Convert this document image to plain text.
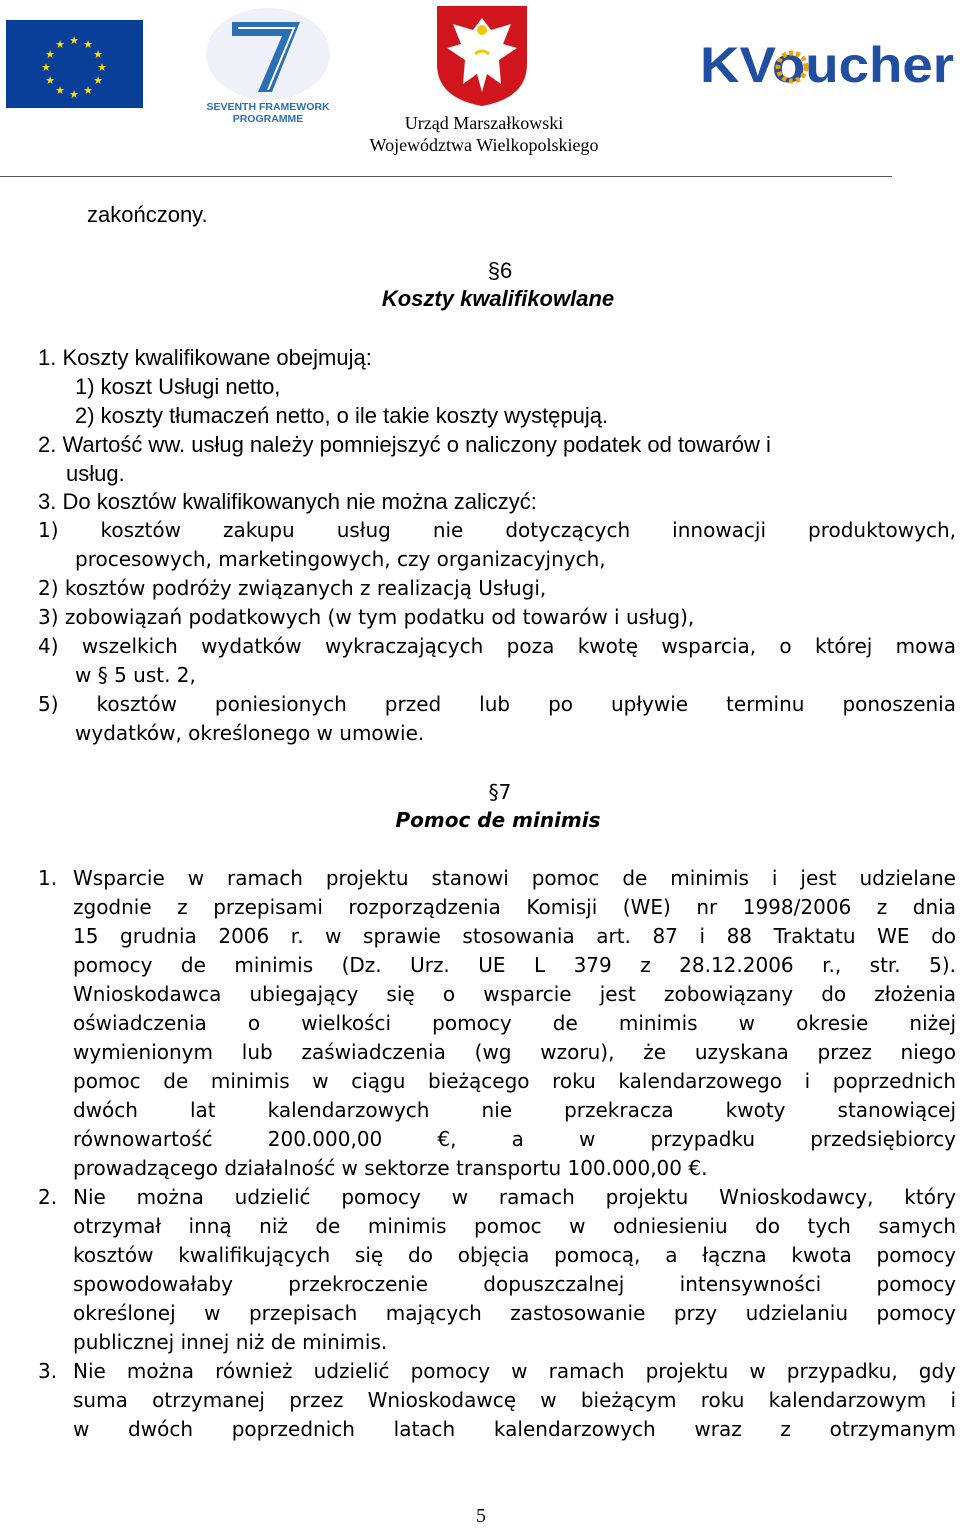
★ ★
★
★
★
★
★
★
★
★
★
★
SEVENTH FRAMEWORK
PROGRAMME
KVoucher
Urząd Marszałkowski
Województwa Wielkopolskiego
zakończony.
§6
Koszty kwalifikowlane
1. Koszty kwalifikowane obejmują:
1) koszt Usługi netto,
2) koszty tłumaczeń netto, o ile takie koszty występują.
2. Wartość ww. usług należy pomniejszyć o naliczony podatek od towarów i
usług.
3. Do kosztów kwalifikowanych nie można zaliczyć:
1) kosztów zakupu usług nie dotyczących innowacji produktowych,
procesowych, marketingowych, czy organizacyjnych,
2) kosztów podróży związanych z realizacją Usługi,
3) zobowiązań podatkowych (w tym podatku od towarów i usług),
4) wszelkich wydatków wykraczających poza kwotę wsparcia, o której mowa
w § 5 ust. 2,
5) kosztów poniesionych przed lub po upływie terminu ponoszenia
wydatków, określonego w umowie.
§7
Pomoc de minimis
1. Wsparcie w ramach projektu stanowi pomoc de minimis i jest udzielane
zgodnie z przepisami rozporządzenia Komisji (WE) nr 1998/2006 z dnia
15 grudnia 2006 r. w sprawie stosowania art. 87 i 88 Traktatu WE do
pomocy de minimis (Dz. Urz. UE L 379 z 28.12.2006 r., str. 5).
Wnioskodawca ubiegający się o wsparcie jest zobowiązany do złożenia
oświadczenia o wielkości pomocy de minimis w okresie niżej
wymienionym lub zaświadczenia (wg wzoru), że uzyskana przez niego
pomoc de minimis w ciągu bieżącego roku kalendarzowego i poprzednich
dwóch lat kalendarzowych nie przekracza kwoty stanowiącej
równowartość 200.000,00 €, a w przypadku przedsiębiorcy
prowadzącego działalność w sektorze transportu 100.000,00 €.
2. Nie można udzielić pomocy w ramach projektu Wnioskodawcy, który
otrzymał inną niż de minimis pomoc w odniesieniu do tych samych
kosztów kwalifikujących się do objęcia pomocą, a łączna kwota pomocy
spowodowałaby przekroczenie dopuszczalnej intensywności pomocy
określonej w przepisach mających zastosowanie przy udzielaniu pomocy
publicznej innej niż de minimis.
3. Nie można również udzielić pomocy w ramach projektu w przypadku, gdy
suma otrzymanej przez Wnioskodawcę w bieżącym roku kalendarzowym i
w dwóch poprzednich latach kalendarzowych wraz z otrzymanym
5
